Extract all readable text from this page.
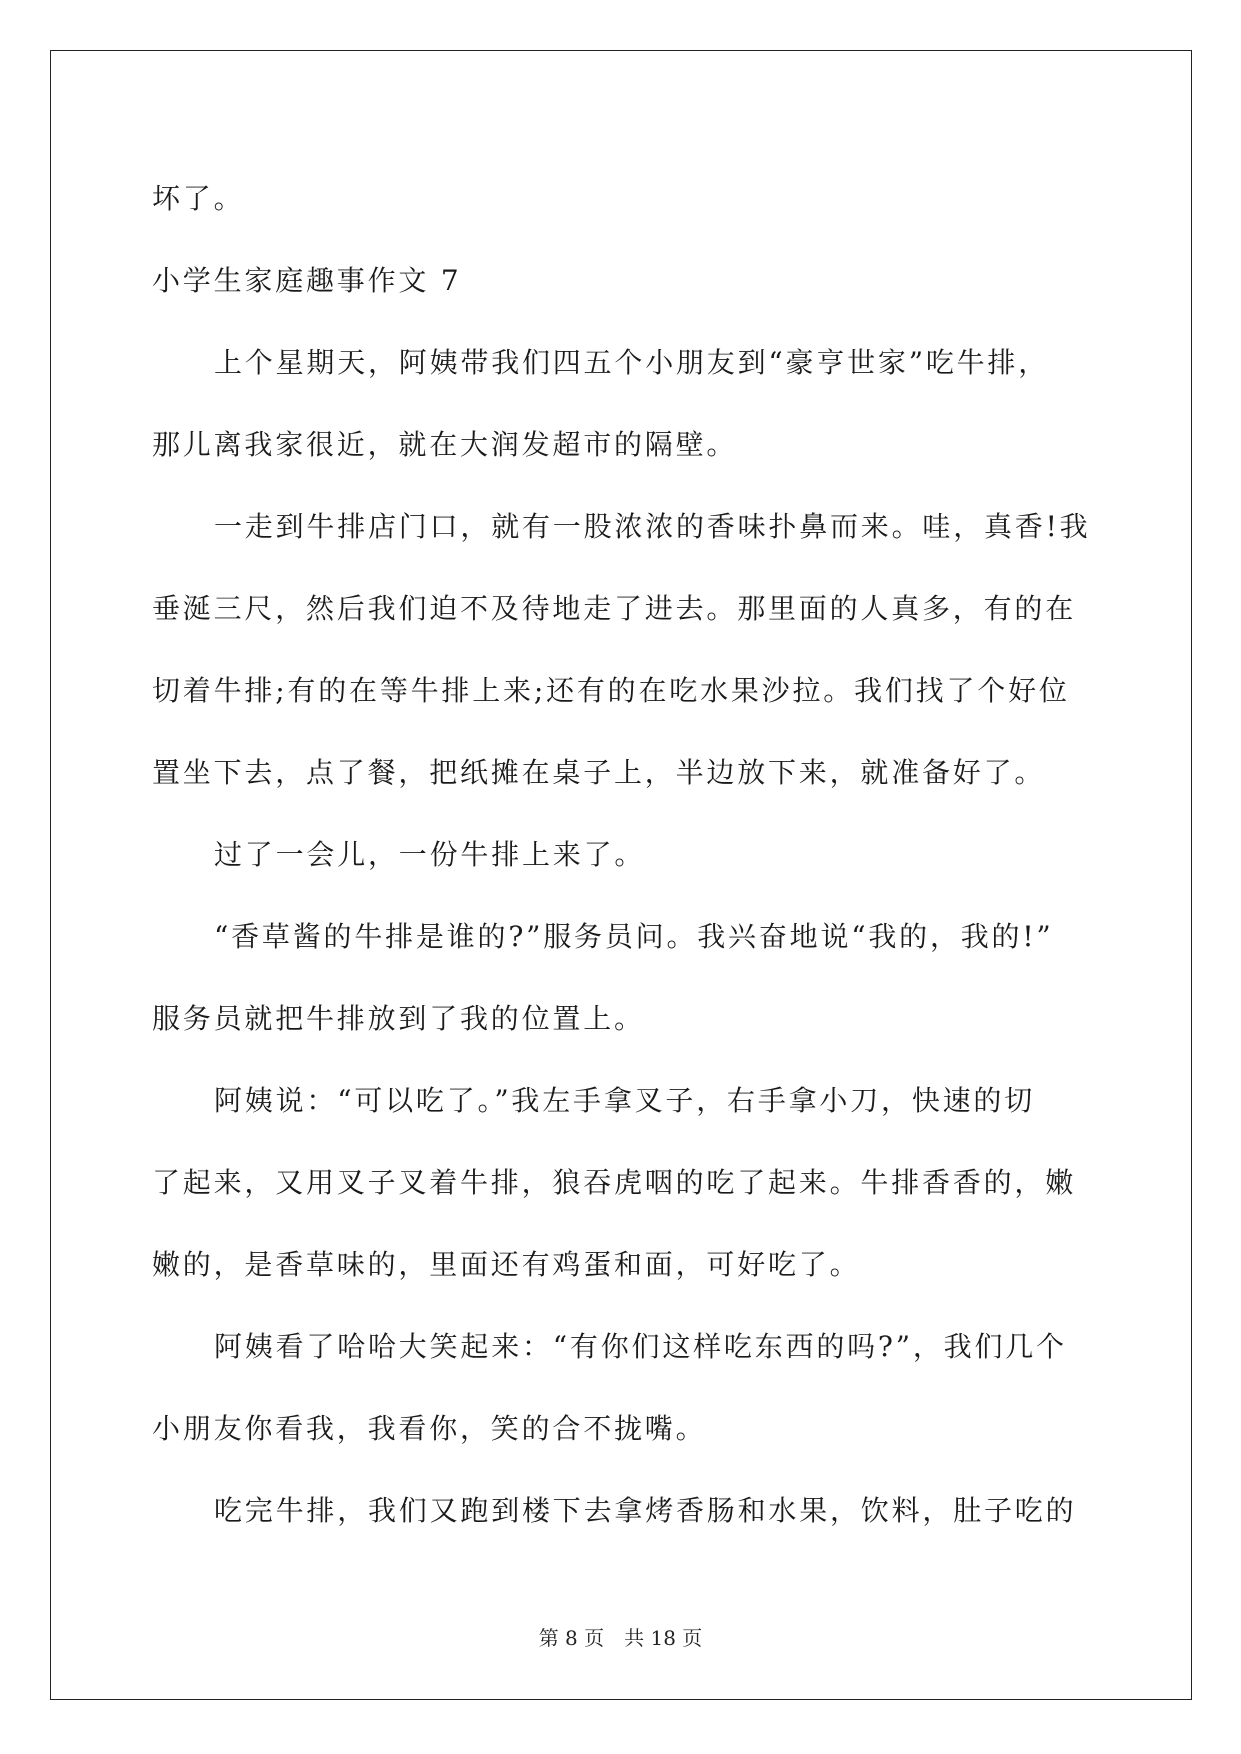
坏了。
小学生家庭趣事作文 7
上个星期天，阿姨带我们四五个小朋友到“豪亨世家”吃牛排，
那儿离我家很近，就在大润发超市的隔壁。
一走到牛排店门口，就有一股浓浓的香味扑鼻而来。哇，真香!我
垂涎三尺，然后我们迫不及待地走了进去。那里面的人真多，有的在
切着牛排;有的在等牛排上来;还有的在吃水果沙拉。我们找了个好位
置坐下去，点了餐，把纸摊在桌子上，半边放下来，就准备好了。
过了一会儿，一份牛排上来了。
“香草酱的牛排是谁的?”服务员问。我兴奋地说“我的，我的!”
服务员就把牛排放到了我的位置上。
阿姨说：“可以吃了。”我左手拿叉子，右手拿小刀，快速的切
了起来，又用叉子叉着牛排，狼吞虎咽的吃了起来。牛排香香的，嫩
嫩的，是香草味的，里面还有鸡蛋和面，可好吃了。
阿姨看了哈哈大笑起来：“有你们这样吃东西的吗?”，我们几个
小朋友你看我，我看你，笑的合不拢嘴。
吃完牛排，我们又跑到楼下去拿烤香肠和水果，饮料，肚子吃的
第 8 页 共 18 页
